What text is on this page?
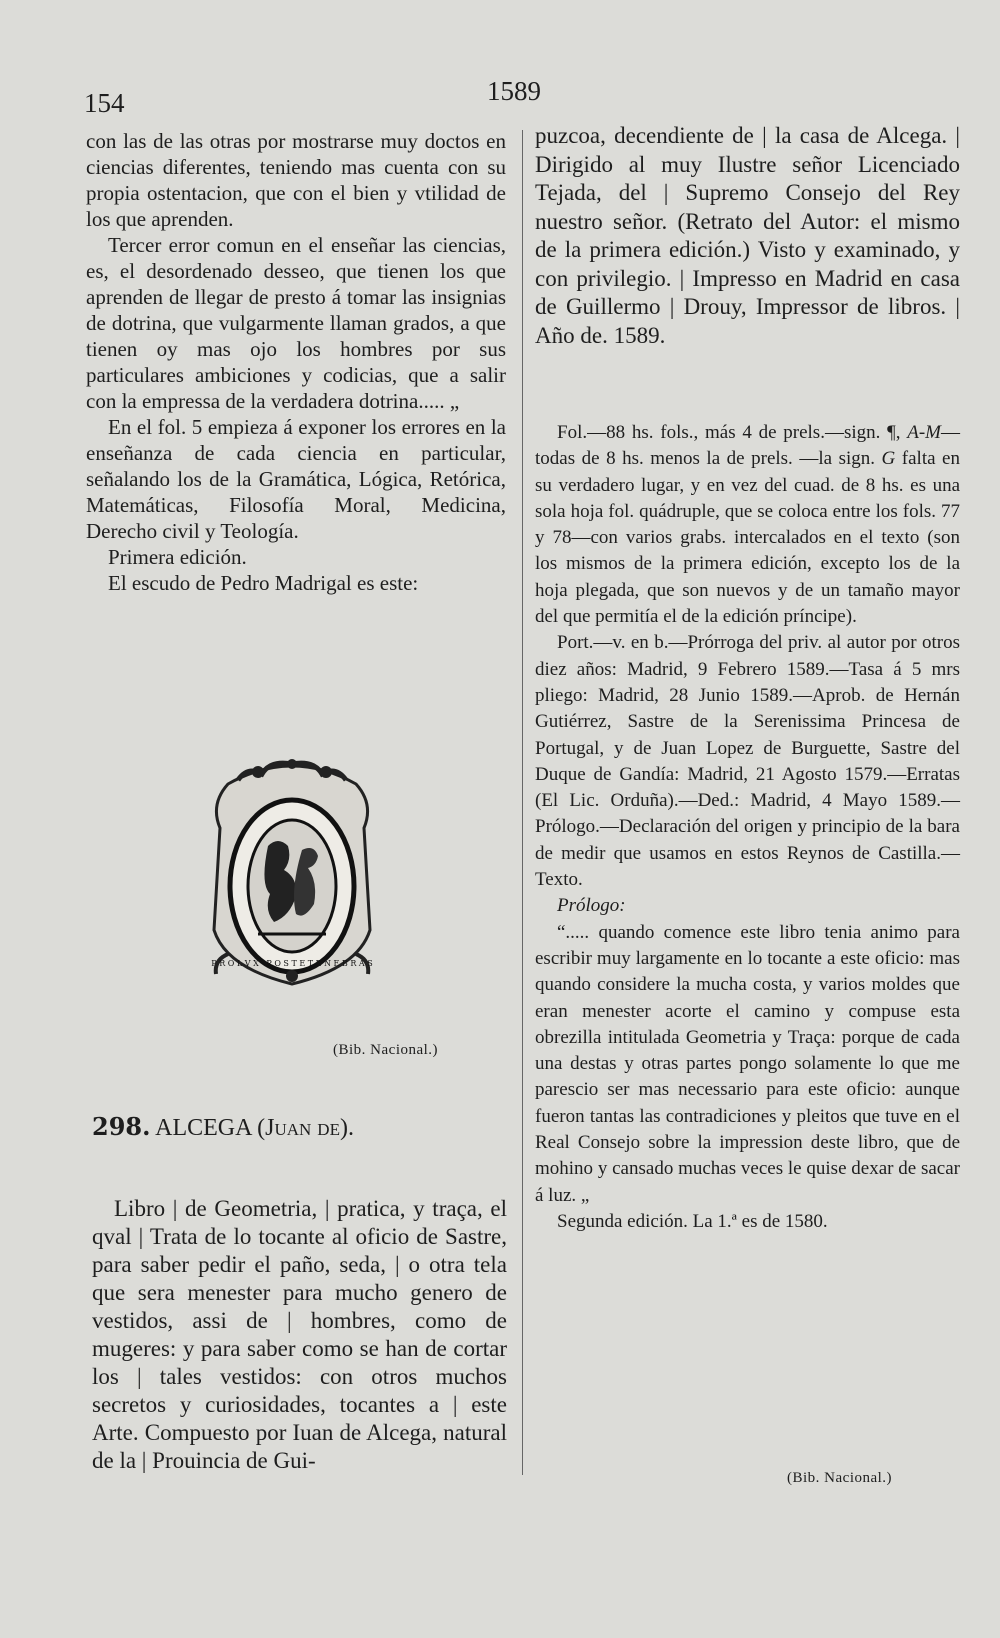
154	1589

con las de las otras por mostrarse muy doctos en ciencias diferentes, teniendo mas cuenta con su propia ostentacion, que con el bien y vtilidad de los que aprenden.

Tercer error comun en el enseñar las ciencias, es, el desordenado desseo, que tienen los que aprenden de llegar de presto á tomar las insignias de dotrina, que vulgarmente llaman grados, a que tienen oy mas ojo los hombres por sus particulares ambiciones y codicias, que a salir con la empressa de la verdadera dotrina..... „

En el fol. 5 empieza á exponer los errores en la enseñanza de cada ciencia en particular, señalando los de la Gramática, Lógica, Retórica, Matemáticas, Filosofía Moral, Medicina, Derecho civil y Teología.

Primera edición.

El escudo de Pedro Madrigal es este:

P R O L V X · P O S T E T E N E B R A S
(Bib. Nacional.)
298. ALCEGA (Juan de).

Libro | de Geometria, | pratica, y traça, el qval | Trata de lo tocante al oficio de Sastre, para saber pedir el paño, seda, | o otra tela que sera menester para mucho genero de vestidos, assi de | hombres, como de mugeres: y para saber como se han de cortar los | tales vestidos: con otros muchos secretos y curiosidades, tocantes a | este Arte. Compuesto por Iuan de Alcega, natural de la | Prouincia de Gui-

puzcoa, decendiente de | la casa de Alcega. | Dirigido al muy Ilustre señor Licenciado Tejada, del | Supremo Consejo del Rey nuestro señor. (Retrato del Autor: el mismo de la primera edición.) Visto y examinado, y con privilegio. | Impresso en Madrid en casa de Guillermo | Drouy, Impressor de libros. | Año de. 1589.

Fol.—88 hs. fols., más 4 de prels.—sign. ¶, A-M—todas de 8 hs. menos la de prels. —la sign. G falta en su verdadero lugar, y en vez del cuad. de 8 hs. es una sola hoja fol. quádruple, que se coloca entre los fols. 77 y 78—con varios grabs. intercalados en el texto (son los mismos de la primera edición, excepto los de la hoja plegada, que son nuevos y de un tamaño mayor del que permitía el de la edición príncipe).

Port.—v. en b.—Prórroga del priv. al autor por otros diez años: Madrid, 9 Febrero 1589.—Tasa á 5 mrs pliego: Madrid, 28 Junio 1589.—Aprob. de Hernán Gutiérrez, Sastre de la Serenissima Princesa de Portugal, y de Juan Lopez de Burguette, Sastre del Duque de Gandía: Madrid, 21 Agosto 1579.—Erratas (El Lic. Orduña).—Ded.: Madrid, 4 Mayo 1589.—Prólogo.—Declaración del origen y principio de la bara de medir que usamos en estos Reynos de Castilla.—Texto.

Prólogo:

“..... quando comence este libro tenia animo para escribir muy largamente en lo tocante a este oficio: mas quando considere la mucha costa, y varios moldes que eran menester acorte el camino y compuse esta obrezilla intitulada Geometria y Traça: porque de cada una destas y otras partes pongo solamente lo que me parescio ser mas necessario para este oficio: aunque fueron tantas las contradiciones y pleitos que tuve en el Real Consejo sobre la impression deste libro, que de mohino y cansado muchas veces le quise dexar de sacar á luz. „

Segunda edición. La 1.ª es de 1580.

(Bib. Nacional.)
